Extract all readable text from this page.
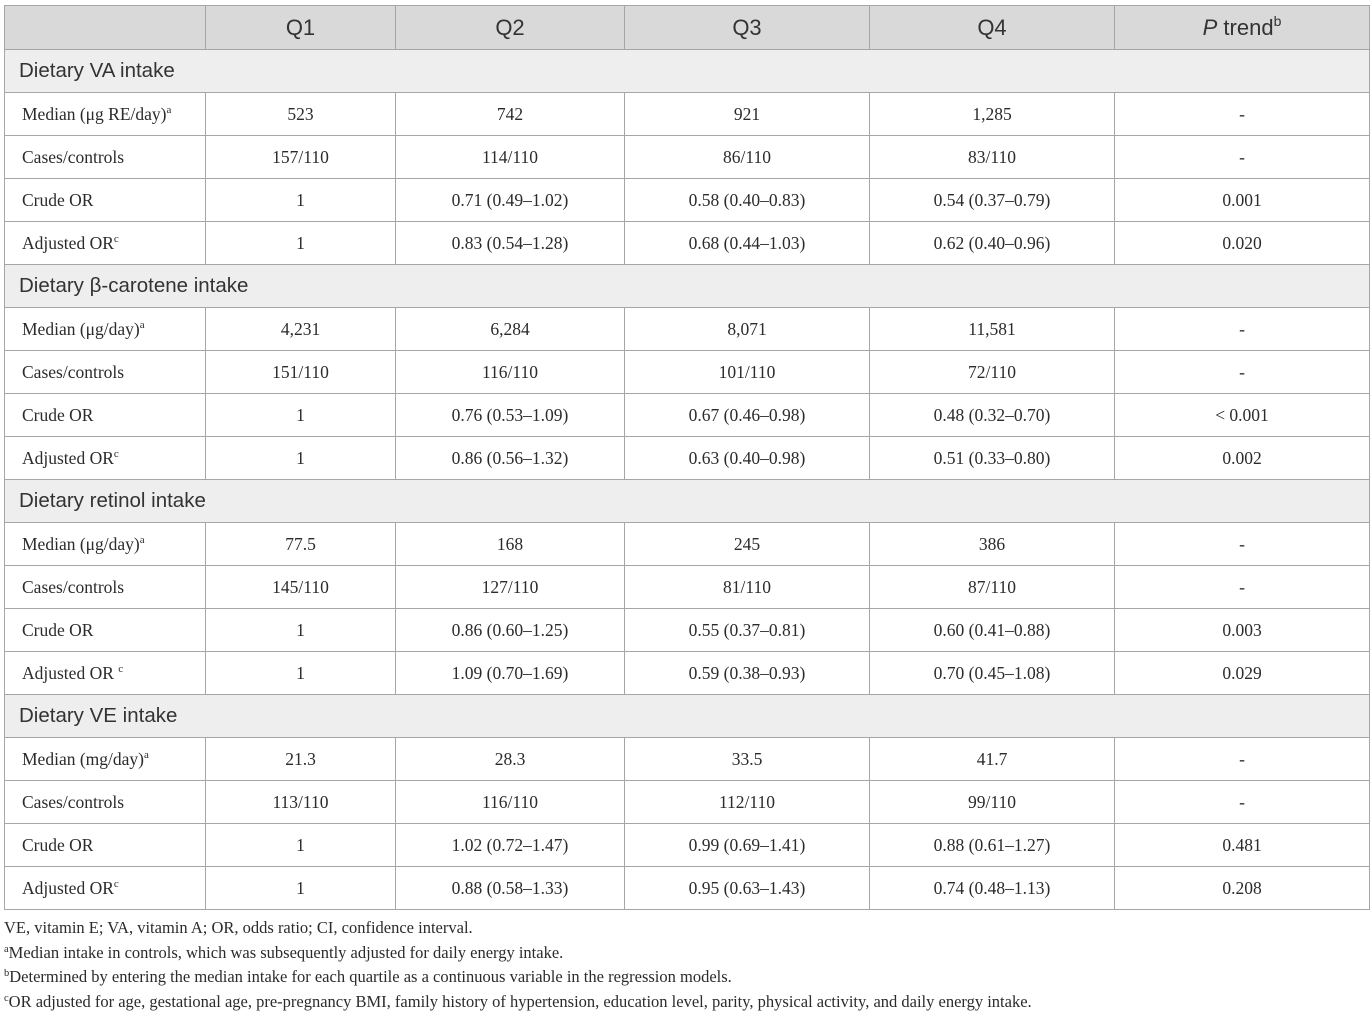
	Q1	Q2	Q3	Q4	P trend$^b$
Dietary VA intake					
Median (μg RE/day)$^a$	523	742	921	1,285	-
Cases/controls	157/110	114/110	86/110	83/110	-
Crude OR	1	0.71 (0.49–1.02)	0.58 (0.40–0.83)	0.54 (0.37–0.79)	0.001
Adjusted $OR^c$	1	0.83 (0.54–1.28)	0.68 (0.44–1.03)	0.62 (0.40–0.96)	0.020
Dietary β-carotene intake					
Median $(\mu g/day)^a$	4,231	6,284	8,071	11,581	-
Cases/controls	151/110	116/110	101/110	72/110	-
Crude OR	1	0.76 (0.53–1.09)	0.67 (0.46–0.98)	0.48 (0.32–0.70)	< 0.001
Adjusted $OR^c$	1	0.86 (0.56–1.32)	0.63 (0.40–0.98)	0.51 (0.33–0.80)	0.002
Dietary retinol intake					
Median $(\mu g/day)^a$	77.5	168	245	386	-
Cases/controls	145/110	127/110	81/110	87/110	-
Crude OR	1	0.86 (0.60–1.25)	0.55 (0.37–0.81)	0.60 (0.41–0.88)	0.003
Adjusted OR $^c$	1	1.09 (0.70–1.69)	0.59 (0.38–0.93)	0.70 (0.45–1.08)	0.029
Dietary VE intake					
Median $(mg/day)^a$	21.3	28.3	33.5	41.7	-
Cases/controls	113/110	116/110	112/110	99/110	-
Crude OR	1	1.02 (0.72–1.47)	0.99 (0.69–1.41)	0.88 (0.61–1.27)	0.481
Adjusted $OR^c$	1	0.88 (0.58–1.33)	0.95 (0.63–1.43)	0.74 (0.48–1.13)	0.208
VE, vitamin E; VA, vitamin A; OR, odds ratio; CI, confidence interval.
$^a$Median intake in controls, which was subsequently adjusted for daily energy intake.
$^b$Determined by entering the median intake for each quartile as a continuous variable in the regression models.
$^c$OR adjusted for age, gestational age, pre-pregnancy BMI, family history of hypertension, education level, parity, physical activity, and daily energy intake.
